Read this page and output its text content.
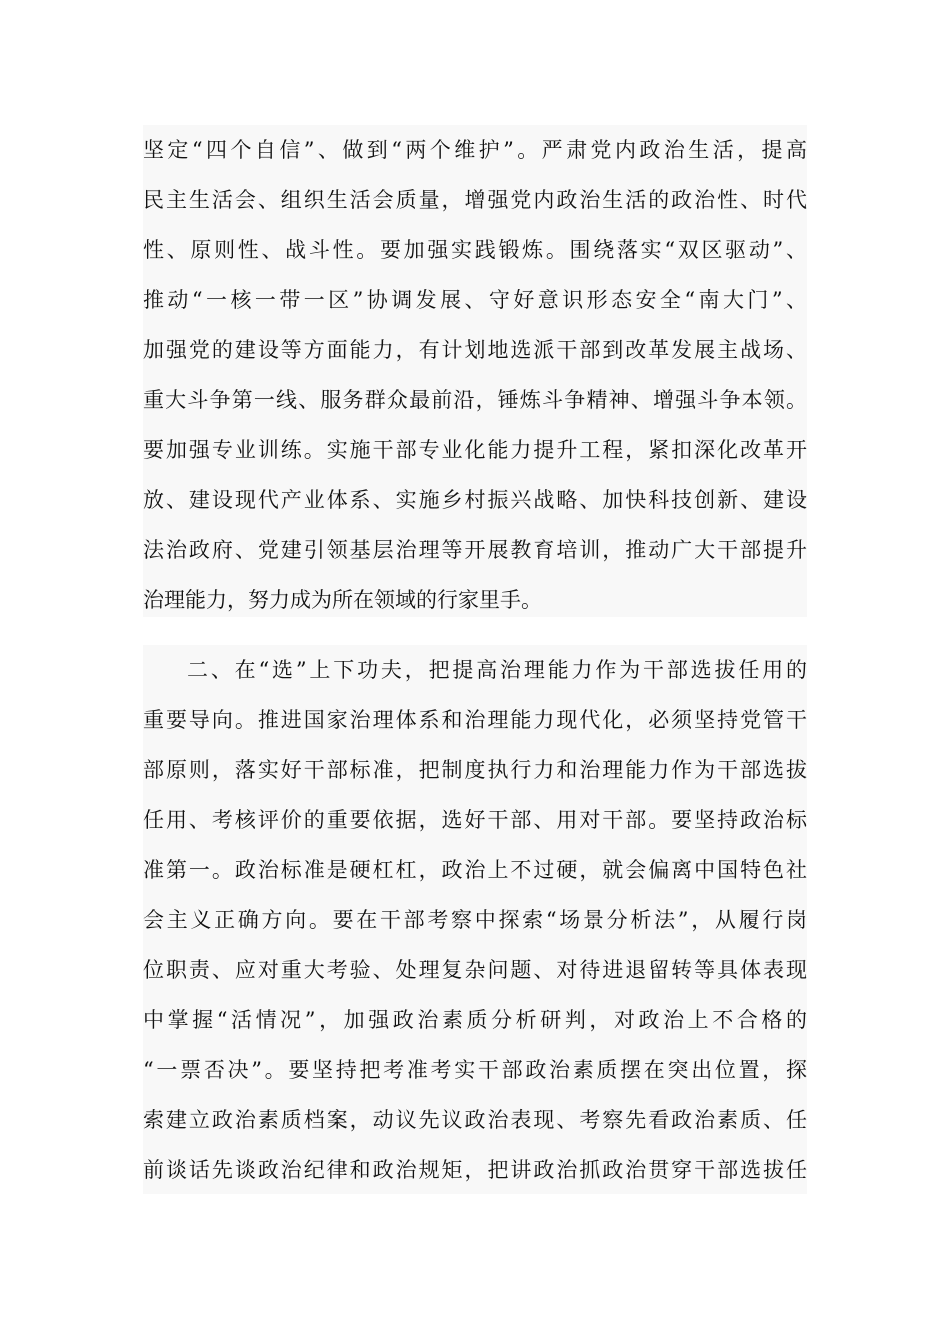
坚定“四个自信”、做到“两个维护”。严肃党内政治生活，提高
民主生活会、组织生活会质量，增强党内政治生活的政治性、时代
性、原则性、战斗性。要加强实践锻炼。围绕落实“双区驱动”、
推动“一核一带一区”协调发展、守好意识形态安全“南大门”、
加强党的建设等方面能力，有计划地选派干部到改革发展主战场、
重大斗争第一线、服务群众最前沿，锤炼斗争精神、增强斗争本领。
要加强专业训练。实施干部专业化能力提升工程，紧扣深化改革开
放、建设现代产业体系、实施乡村振兴战略、加快科技创新、建设
法治政府、党建引领基层治理等开展教育培训，推动广大干部提升
治理能力，努力成为所在领域的行家里手。
二、在“选”上下功夫，把提高治理能力作为干部选拔任用的
重要导向。推进国家治理体系和治理能力现代化，必须坚持党管干
部原则，落实好干部标准，把制度执行力和治理能力作为干部选拔
任用、考核评价的重要依据，选好干部、用对干部。要坚持政治标
准第一。政治标准是硬杠杠，政治上不过硬，就会偏离中国特色社
会主义正确方向。要在干部考察中探索“场景分析法”，从履行岗
位职责、应对重大考验、处理复杂问题、对待进退留转等具体表现
中掌握“活情况”，加强政治素质分析研判，对政治上不合格的
“一票否决”。要坚持把考准考实干部政治素质摆在突出位置，探
索建立政治素质档案，动议先议政治表现、考察先看政治素质、任
前谈话先谈政治纪律和政治规矩，把讲政治抓政治贯穿干部选拔任
